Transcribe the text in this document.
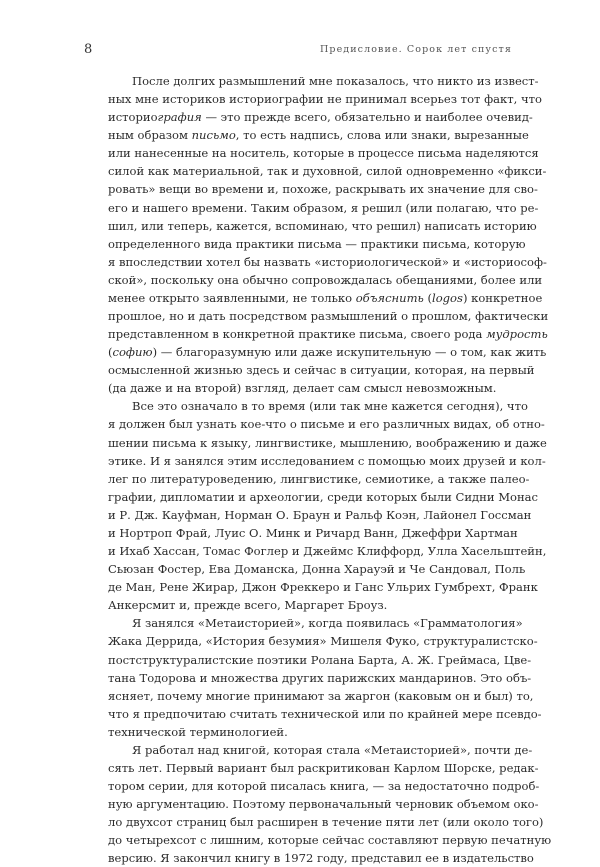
8	Предисловие. Сорок лет спустя

После долгих размышлений мне показалось, что никто из извест-
ных мне историков историографии не принимал всерьез тот факт, что
историография — это прежде всего, обязательно и наиболее очевид-
ным образом письмо, то есть надпись, слова или знаки, вырезанные
или нанесенные на носитель, которые в процессе письма наделяются
силой как материальной, так и духовной, силой одновременно «фикси-
ровать» вещи во времени и, похоже, раскрывать их значение для сво-
его и нашего времени. Таким образом, я решил (или полагаю, что ре-
шил, или теперь, кажется, вспоминаю, что решил) написать историю
определенного вида практики письма — практики письма, которую
я впоследствии хотел бы назвать «историологической» и «историософ-
ской», поскольку она обычно сопровождалась обещаниями, более или
менее открыто заявленными, не только объяснить (logos) конкретное
прошлое, но и дать посредством размышлений о прошлом, фактически
представленном в конкретной практике письма, своего рода мудрость
(софию) — благоразумную или даже искупительную — о том, как жить
осмысленной жизнью здесь и сейчас в ситуации, которая, на первый
(да даже и на второй) взгляд, делает сам смысл невозможным.

Все это означало в то время (или так мне кажется сегодня), что
я должен был узнать кое-что о письме и его различных видах, об отно-
шении письма к языку, лингвистике, мышлению, воображению и даже
этике. И я занялся этим исследованием с помощью моих друзей и кол-
лег по литературоведению, лингвистике, семиотике, а также палео-
графии, дипломатии и археологии, среди которых были Сидни Монас
и Р. Дж. Кауфман, Норман О. Браун и Ральф Коэн, Лайонел Госсман
и Нортроп Фрай, Луис О. Минк и Ричард Ванн, Джеффри Хартман
и Ихаб Хассан, Томас Фоглер и Джеймс Клиффорд, Улла Хасельштейн,
Сьюзан Фостер, Ева Доманска, Донна Харауэй и Че Сандовал, Поль
де Ман, Рене Жирар, Джон Фреккеро и Ганс Ульрих Гумбрехт, Франк
Анкерсмит и, прежде всего, Маргарет Броуз.

Я занялся «Метаисторией», когда появилась «Грамматология»
Жака Деррида, «История безумия» Мишеля Фуко, структуралистско-
постструктуралистские поэтики Ролана Барта, А. Ж. Греймаса, Цве-
тана Тодорова и множества других парижских мандаринов. Это объ-
ясняет, почему многие принимают за жаргон (каковым он и был) то,
что я предпочитаю считать технической или по крайней мере псевдо-
технической терминологией.

Я работал над книгой, которая стала «Метаисторией», почти де-
сять лет. Первый вариант был раскритикован Карлом Шорске, редак-
тором серии, для которой писалась книга, — за недостаточно подроб-
ную аргументацию. Поэтому первоначальный черновик объемом око-
ло двухсот страниц был расширен в течение пяти лет (или около того)
до четырехсот с лишним, которые сейчас составляют первую печатную
версию. Я закончил книгу в 1972 году, представил ее в издательство
